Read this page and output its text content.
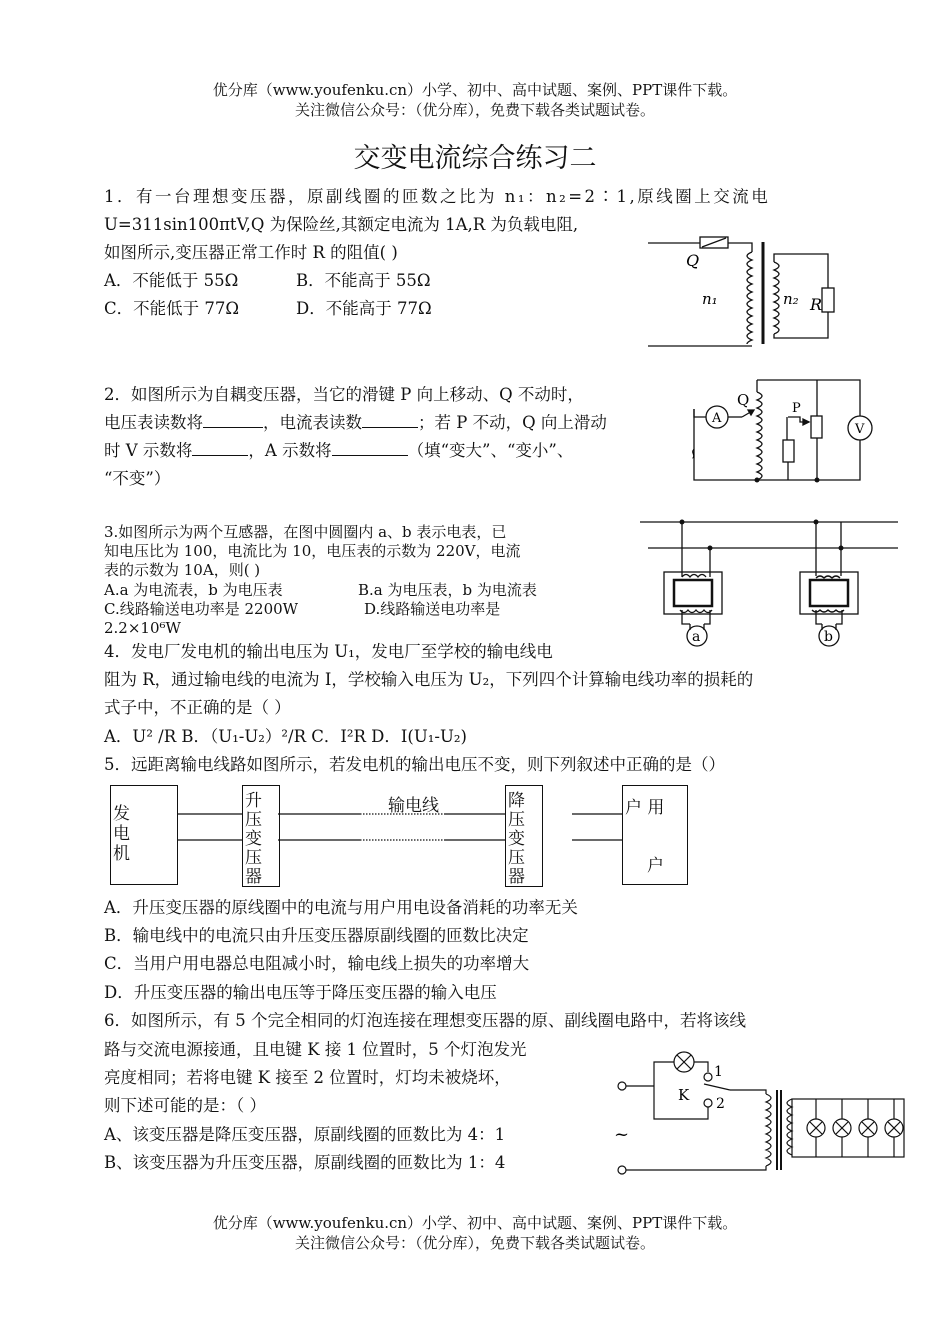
优分库（www.youfenku.cn）小学、初中、高中试题、案例、PPT课件下载。
关注微信公众号：（优分库），免费下载各类试题试卷。
交变电流综合练习二
1．有一台理想变压器，原副线圈的匝数之比为 n₁：n₂=2∶1,原线圈上交流电
U=311sin100πtV,Q 为保险丝,其额定电流为 1A,R 为负载电阻,
如图所示,变压器正常工作时 R 的阻值( )
A．不能低于 55Ω	B．不能高于 55Ω
C．不能低于 77Ω	D．不能高于 77Ω
Q
n₁	n₂ R
2．如图所示为自耦变压器，当它的滑键 P 向上移动、Q 不动时，
电压表读数将	，电流表读数	；若 P 不动，Q 向上滑动
时 V 示数将	，A 示数将	（填“变大”、“变小”、
“不变”）
A
Q	P
V
∽
3.如图所示为两个互感器，在图中圆圈内 a、b 表示电表，已
知电压比为 100，电流比为 10，电压表的示数为 220V，电流
表的示数为 10A，则( )
A.a 为电流表，b 为电压表	B.a 为电压表，b 为电流表
C.线路输送电功率是 2200W	D.线路输送电功率是
2.2×10⁶W	a	b
4．发电厂发电机的输出电压为 U₁，发电厂至学校的输电线电
阻为 R，通过输电线的电流为 I，学校输入电压为 U₂，下列四个计算输电线功率的损耗的
式子中，不正确的是（ ）
A．U² /R B．（U₁-U₂）²/R C．I²R D．I(U₁-U₂)
5．远距离输电线路如图所示，若发电机的输出电压不变，则下列叙述中正确的是（）
发
电
机
升
压
变
压
器
输电线	降
压
变
压
器
户 用
户
A．升压变压器的原线圈中的电流与用户用电设备消耗的功率无关
B．输电线中的电流只由升压变压器原副线圈的匝数比决定
C．当用户用电器总电阻减小时，输电线上损失的功率增大
D．升压变压器的输出电压等于降压变压器的输入电压
6．如图所示，有 5 个完全相同的灯泡连接在理想变压器的原、副线圈电路中，若将该线
路与交流电源接通，且电键 K 接 1 位置时，5 个灯泡发光
亮度相同；若将电键 K 接至 2 位置时，灯均未被烧坏，
则下述可能的是：（ ）
A、该变压器是降压变压器，原副线圈的匝数比为 4：1
B、该变压器为升压变压器，原副线圈的匝数比为 1：4
1
2
K
~
优分库（www.youfenku.cn）小学、初中、高中试题、案例、PPT课件下载。
关注微信公众号：（优分库），免费下载各类试题试卷。
